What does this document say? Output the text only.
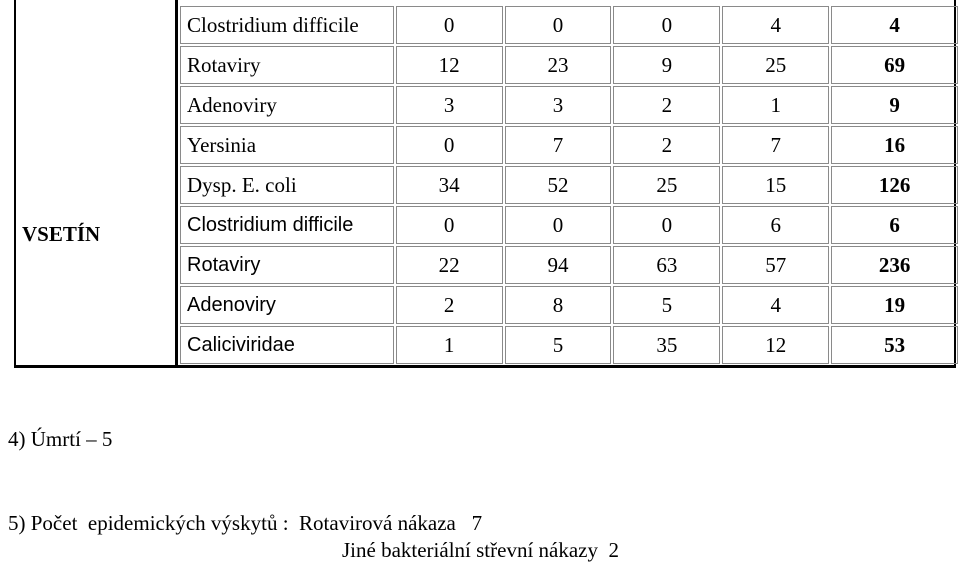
VSETÍN
Clostridium difficile	0	0	0	4	4
Rotaviry	12	23	9	25	69
Adenoviry	3	3	2	1	9
Yersinia	0	7	2	7	16
Dysp. E. coli	34	52	25	15	126
Clostridium difficile	0	0	0	6	6
Rotaviry	22	94	63	57	236
Adenoviry	2	8	5	4	19
Caliciviridae	1	5	35	12	53
4) Úmrtí – 5
5) Počet  epidemických výskytů :  Rotavirová nákaza   7
Jiné bakteriální střevní nákazy  2
